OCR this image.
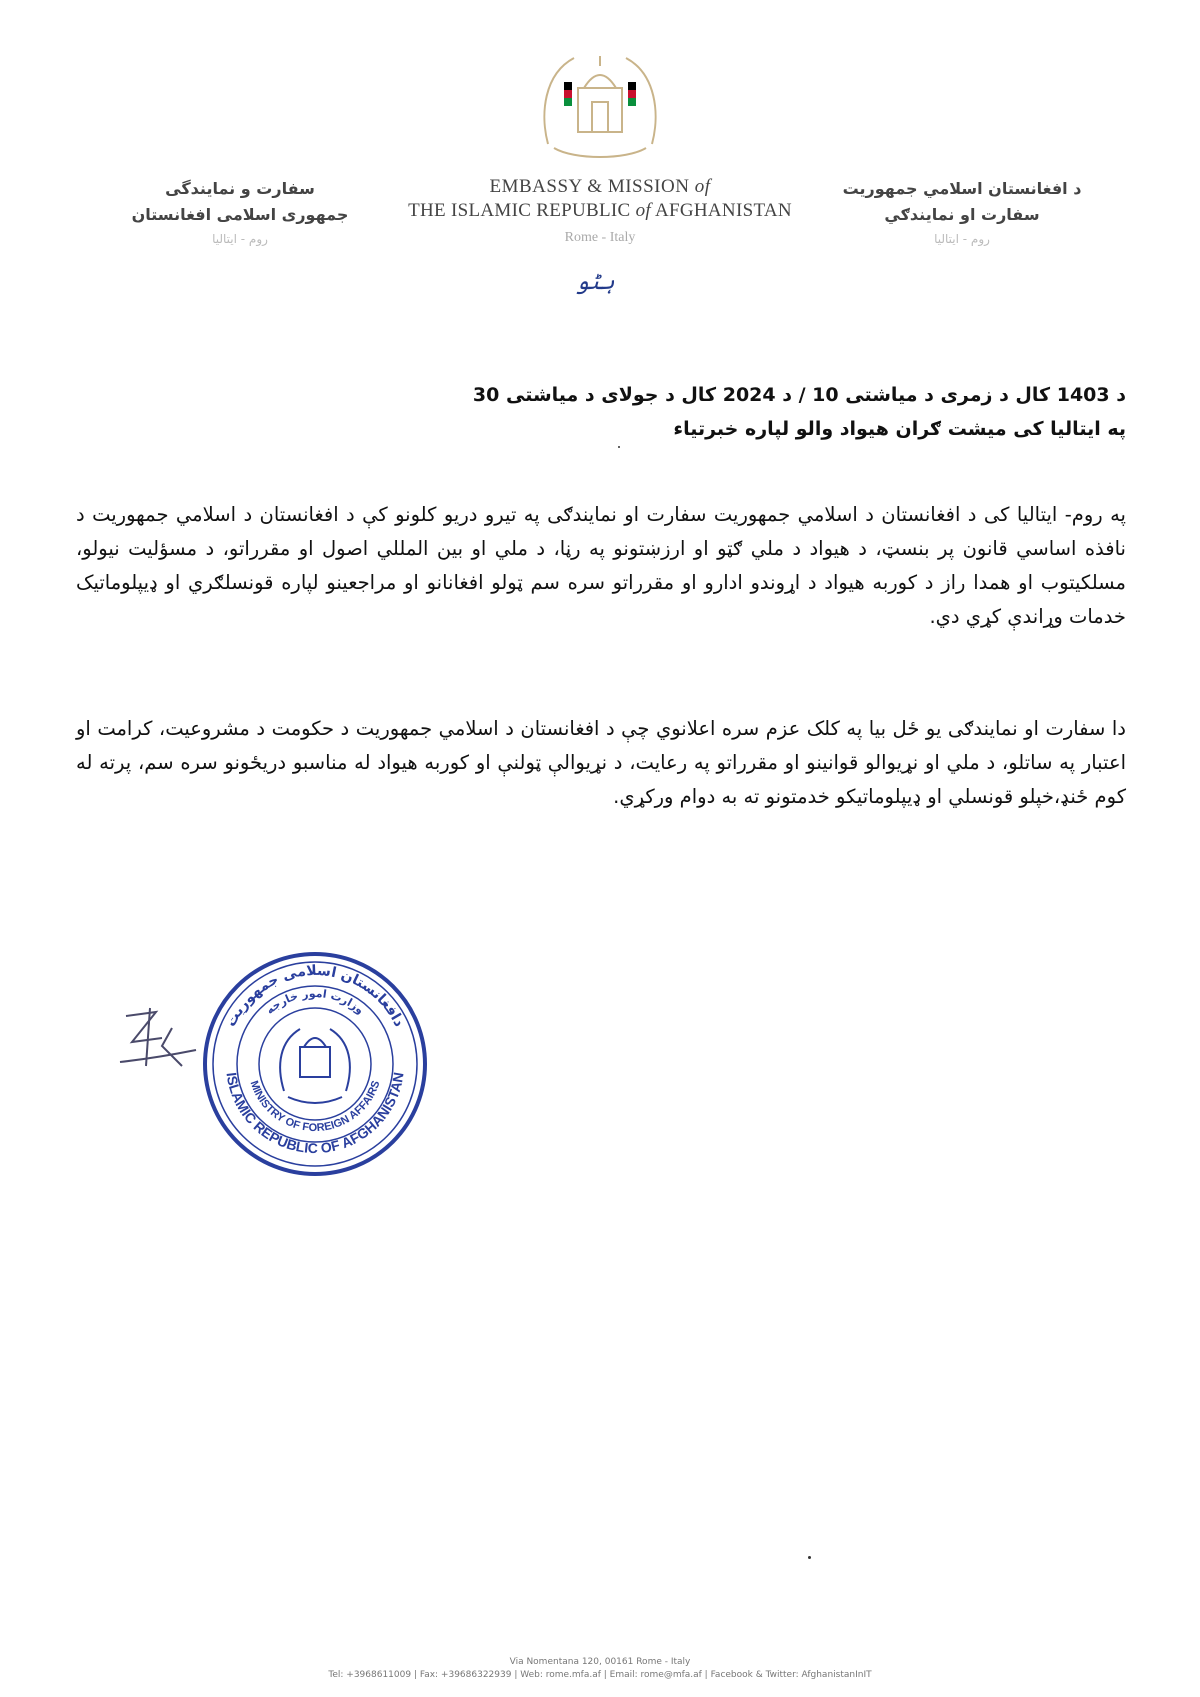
سفارت و نمایندگی
جمهوری اسلامی افغانستان
روم - ایتالیا
EMBASSY & MISSION of
THE ISLAMIC REPUBLIC of AFGHANISTAN
Rome - Italy
د افغانستان اسلامي جمهوريت
سفارت او نمايندګي
روم - ایتالیا
ہٹو
د 1403 کال د زمری د میاشتی 10 / د 2024 کال د جولای د میاشتی 30
په ایتالیا کی میشت ګران هیواد والو لپاره خبرتیاء
په روم- ایتالیا کی د افغانستان د اسلامي جمهوریت سفارت او نمایندګی په تیرو دریو کلونو کې د افغانستان د اسلامي جمهوریت د نافذه اساسي قانون پر بنسټ، د هیواد د ملي ګټو او ارزښتونو په رڼا، د ملي او بین المللي اصول او مقرراتو، د مسؤلیت نیولو، مسلکیتوب او همدا راز د کوربه هیواد د اړوندو ادارو او مقرراتو سره سم ټولو افغانانو او مراجعینو لپاره قونسلګري او ډیپلوماتیک خدمات وړاندې کړي دي.
دا سفارت او نمایندګی یو ځل بیا په کلک عزم سره اعلانوي چې د افغانستان د اسلامي جمهوریت د حکومت د مشروعیت، کرامت او اعتبار په ساتلو، د ملي او نړیوالو قوانینو او مقرراتو په رعایت، د نړیوالې ټولنې او کوربه هیواد له مناسبو دریځونو سره سم، پرته له کوم ځنډ،خپلو قونسلي او ډیپلوماتیکو خدمتونو ته به دوام ورکړي.
ISLAMIC REPUBLIC OF AFGHANISTAN
MINISTRY OF FOREIGN AFFAIRS
دافغانستان اسلامی جمهوریت
وزارت امور خارجه
Via Nomentana 120, 00161 Rome - Italy
Tel: +3968611009 | Fax: +39686322939 | Web: rome.mfa.af | Email: rome@mfa.af | Facebook & Twitter: AfghanistanInIT
